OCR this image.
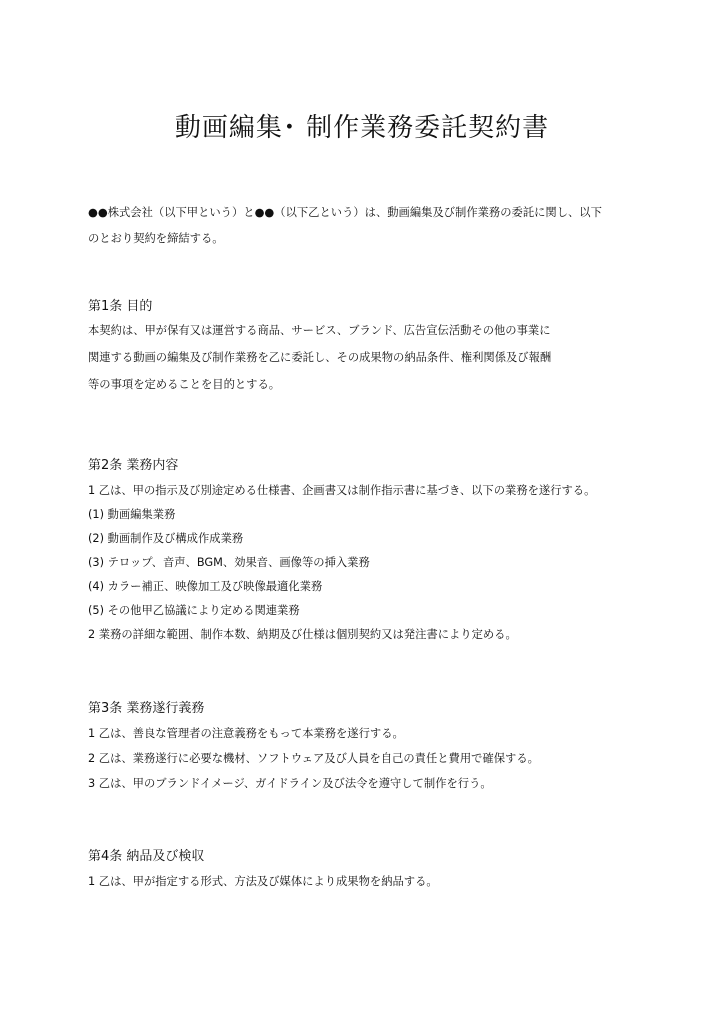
動画編集･ 制作業務委託契約書
●●株式会社（以下甲という）と●●（以下乙という）は、動画編集及び制作業務の委託に関し、以下
のとおり契約を締結する。
第1条 目的
本契約は、甲が保有又は運営する商品、サービス、ブランド、広告宣伝活動その他の事業に
関連する動画の編集及び制作業務を乙に委託し、その成果物の納品条件、権利関係及び報酬
等の事項を定めることを目的とする。
第2条 業務内容
1 乙は、甲の指示及び別途定める仕様書、企画書又は制作指示書に基づき、以下の業務を遂行する。
(1) 動画編集業務
(2) 動画制作及び構成作成業務
(3) テロップ、音声、BGM、効果音、画像等の挿入業務
(4) カラー補正、映像加工及び映像最適化業務
(5) その他甲乙協議により定める関連業務
2 業務の詳細な範囲、制作本数、納期及び仕様は個別契約又は発注書により定める。
第3条 業務遂行義務
1 乙は、善良な管理者の注意義務をもって本業務を遂行する。
2 乙は、業務遂行に必要な機材、ソフトウェア及び人員を自己の責任と費用で確保する。
3 乙は、甲のブランドイメージ、ガイドライン及び法令を遵守して制作を行う。
第4条 納品及び検収
1 乙は、甲が指定する形式、方法及び媒体により成果物を納品する。
